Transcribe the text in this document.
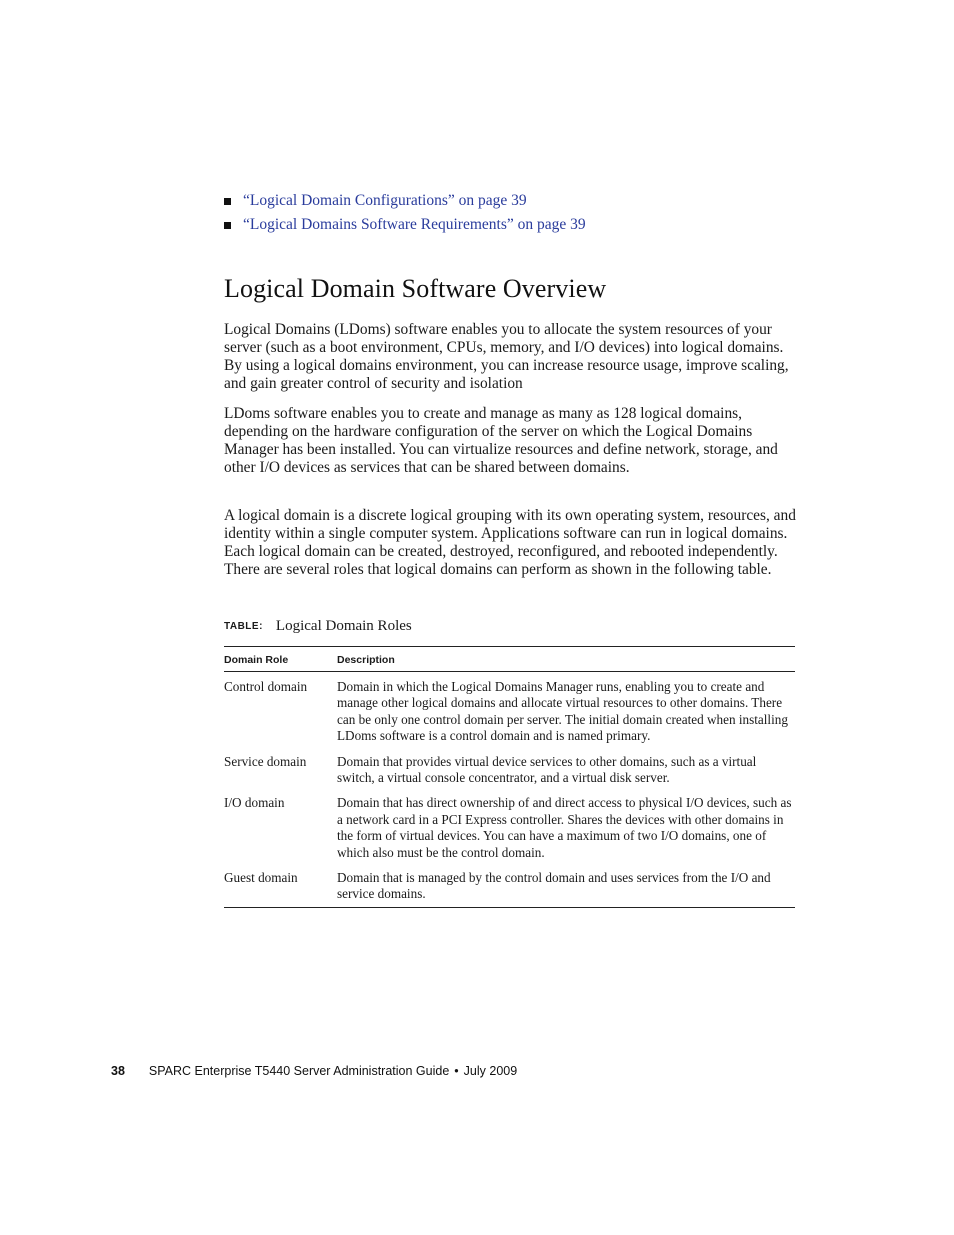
“Logical Domain Configurations” on page 39
“Logical Domains Software Requirements” on page 39
Logical Domain Software Overview

Logical Domains (LDoms) software enables you to allocate the system resources of your server (such as a boot environment, CPUs, memory, and I/O devices) into logical domains. By using a logical domains environment, you can increase resource usage, improve scaling, and gain greater control of security and isolation

LDoms software enables you to create and manage as many as 128 logical domains, depending on the hardware configuration of the server on which the Logical Domains Manager has been installed. You can virtualize resources and define network, storage, and other I/O devices as services that can be shared between domains.

A logical domain is a discrete logical grouping with its own operating system, resources, and identity within a single computer system. Applications software can run in logical domains. Each logical domain can be created, destroyed, reconfigured, and rebooted independently. There are several roles that logical domains can perform as shown in the following table.

TABLE: Logical Domain Roles
Domain Role	Description
Control domain	Domain in which the Logical Domains Manager runs, enabling you to create and manage other logical domains and allocate virtual resources to other domains. There can be only one control domain per server. The initial domain created when installing LDoms software is a control domain and is named primary.
Service domain	Domain that provides virtual device services to other domains, such as a virtual switch, a virtual console concentrator, and a virtual disk server.
I/O domain	Domain that has direct ownership of and direct access to physical I/O devices, such as a network card in a PCI Express controller. Shares the devices with other domains in the form of virtual devices. You can have a maximum of two I/O domains, one of which also must be the control domain.
Guest domain	Domain that is managed by the control domain and uses services from the I/O and service domains.
38 SPARC Enterprise T5440 Server Administration Guide • July 2009
